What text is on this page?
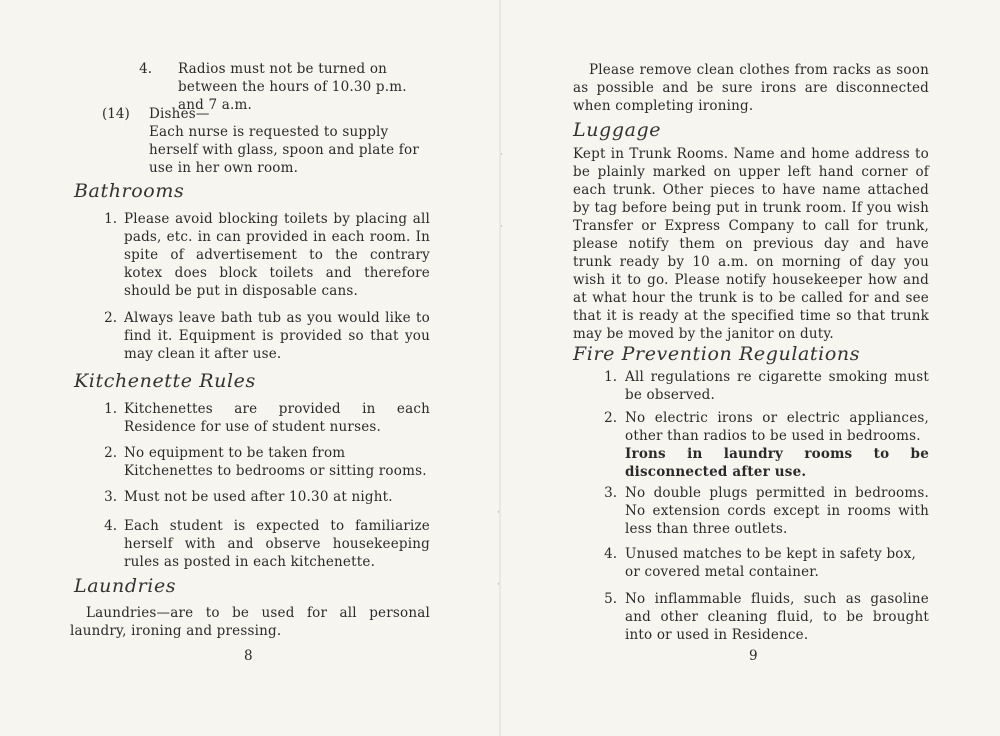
4. Radios must not be turned on between the hours of 10.30 p.m. and 7 a.m.
(14)	Dishes—
Each nurse is requested to supply herself with glass, spoon and plate for use in her own room.
Bathrooms
1. Please avoid blocking toilets by placing all pads, etc. in can provided in each room. In spite of advertisement to the contrary kotex does block toilets and therefore should be put in disposable cans.
2. Always leave bath tub as you would like to find it. Equipment is provided so that you may clean it after use.
Kitchenette Rules
1. Kitchenettes are provided in each Residence for use of student nurses.
2. No equipment to be taken from Kitchenettes to bedrooms or sitting rooms.
3. Must not be used after 10.30 at night.
4. Each student is expected to familiarize herself with and observe housekeeping rules as posted in each kitchenette.
Laundries
Laundries—are to be used for all personal laundry, ironing and pressing.
8
·
·
·
·
Please remove clean clothes from racks as soon as possible and be sure irons are disconnected when completing ironing.
Luggage
Kept in Trunk Rooms. Name and home address to be plainly marked on upper left hand corner of each trunk. Other pieces to have name attached by tag before being put in trunk room. If you wish Transfer or Express Company to call for trunk, please notify them on previous day and have trunk ready by 10 a.m. on morning of day you wish it to go. Please notify housekeeper how and at what hour the trunk is to be called for and see that it is ready at the specified time so that trunk may be moved by the janitor on duty.
Fire Prevention Regulations
1. All regulations re cigarette smoking must be observed.
2. No electric irons or electric appliances, other than radios to be used in bedrooms.
Irons in laundry rooms to be disconnected after use.
3. No double plugs permitted in bedrooms. No extension cords except in rooms with less than three outlets.
4. Unused matches to be kept in safety box, or covered metal container.
5. No inflammable fluids, such as gasoline and other cleaning fluid, to be brought into or used in Residence.
9
